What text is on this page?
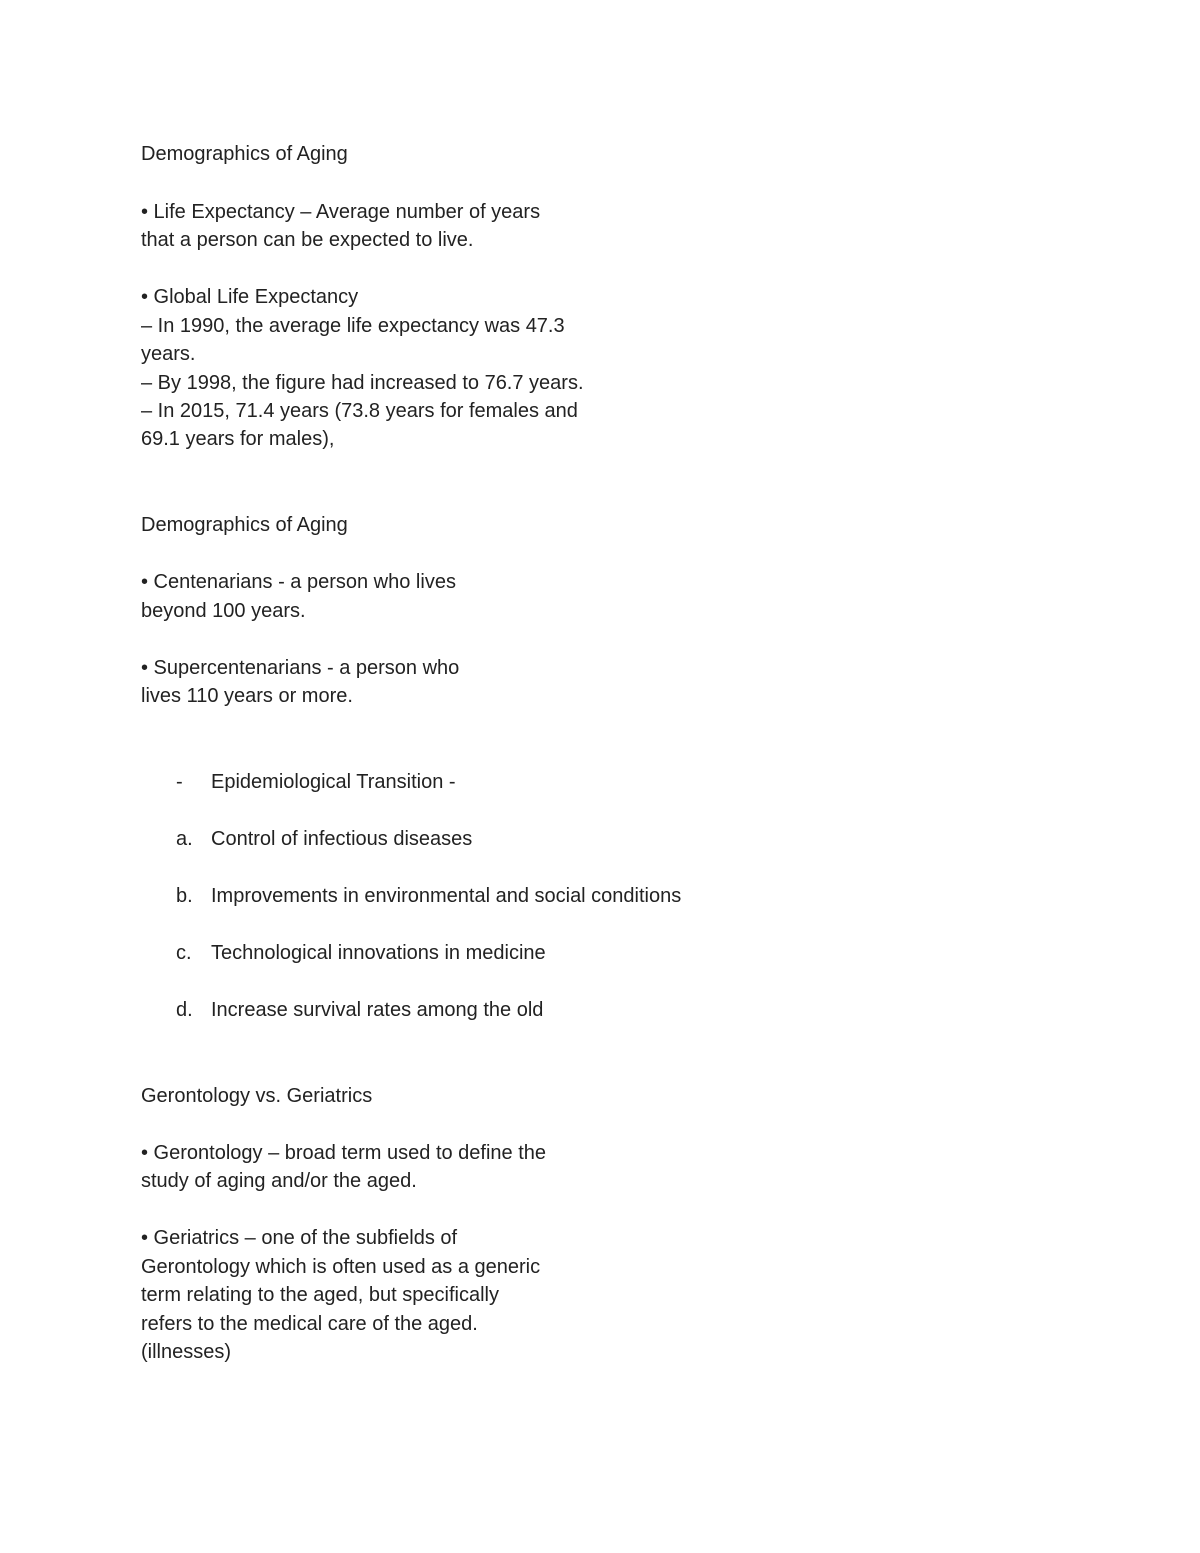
Demographics of Aging
• Life Expectancy – Average number of years
that a person can be expected to live.
• Global Life Expectancy
– In 1990, the average life expectancy was 47.3
years.
– By 1998, the figure had increased to 76.7 years.
– In 2015, 71.4 years (73.8 years for females and
69.1 years for males),
Demographics of Aging
• Centenarians - a person who lives
beyond 100 years.
• Supercentenarians - a person who
lives 110 years or more.
- Epidemiological Transition -
a. Control of infectious diseases
b. Improvements in environmental and social conditions
c. Technological innovations in medicine
d. Increase survival rates among the old
Gerontology vs. Geriatrics
• Gerontology – broad term used to define the
study of aging and/or the aged.
• Geriatrics – one of the subfields of
Gerontology which is often used as a generic
term relating to the aged, but specifically
refers to the medical care of the aged.
(illnesses)
